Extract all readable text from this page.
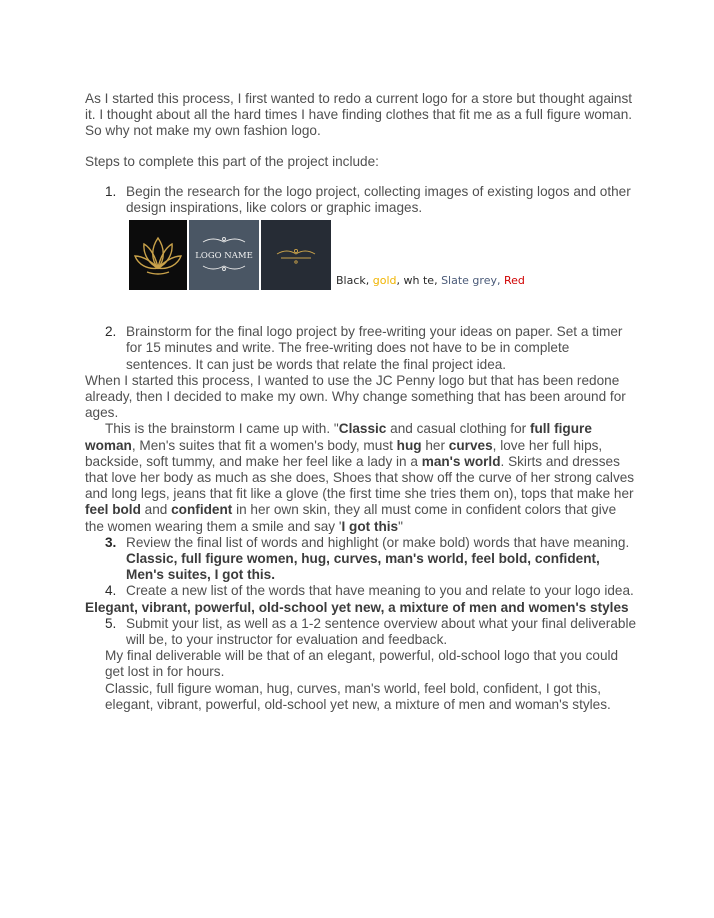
As I started this process, I first wanted to redo a current logo for a store but thought against it. I thought about all the hard times I have finding clothes that fit me as a full figure woman. So why not make my own fashion logo.

Steps to complete this part of the project include:

1. Begin the research for the logo project, collecting images of existing logos and other design inspirations, like colors or graphic images.
LOGO NAME
Black, gold, wh te, Slate grey, Red
2. Brainstorm for the final logo project by free-writing your ideas on paper. Set a timer for 15 minutes and write. The free-writing does not have to be in complete sentences. It can just be words that relate the final project idea.

When I started this process, I wanted to use the JC Penny logo but that has been redone already, then I decided to make my own. Why change something that has been around for ages.

This is the brainstorm I came up with. "Classic and casual clothing for full figure woman, Men's suites that fit a women's body, must hug her curves, love her full hips, backside, soft tummy, and make her feel like a lady in a man's world. Skirts and dresses that love her body as much as she does, Shoes that show off the curve of her strong calves and long legs, jeans that fit like a glove (the first time she tries them on), tops that make her feel bold and confident in her own skin, they all must come in confident colors that give the women wearing them a smile and say 'I got this"

3. Review the final list of words and highlight (or make bold) words that have meaning. Classic, full figure women, hug, curves, man's world, feel bold, confident, Men's suites, I got this.
4. Create a new list of the words that have meaning to you and relate to your logo idea.

Elegant, vibrant, powerful, old-school yet new, a mixture of men and women's styles

5. Submit your list, as well as a 1-2 sentence overview about what your final deliverable will be, to your instructor for evaluation and feedback.

My final deliverable will be that of an elegant, powerful, old-school logo that you could get lost in for hours.

Classic, full figure woman, hug, curves, man's world, feel bold, confident, I got this, elegant, vibrant, powerful, old-school yet new, a mixture of men and woman's styles.
